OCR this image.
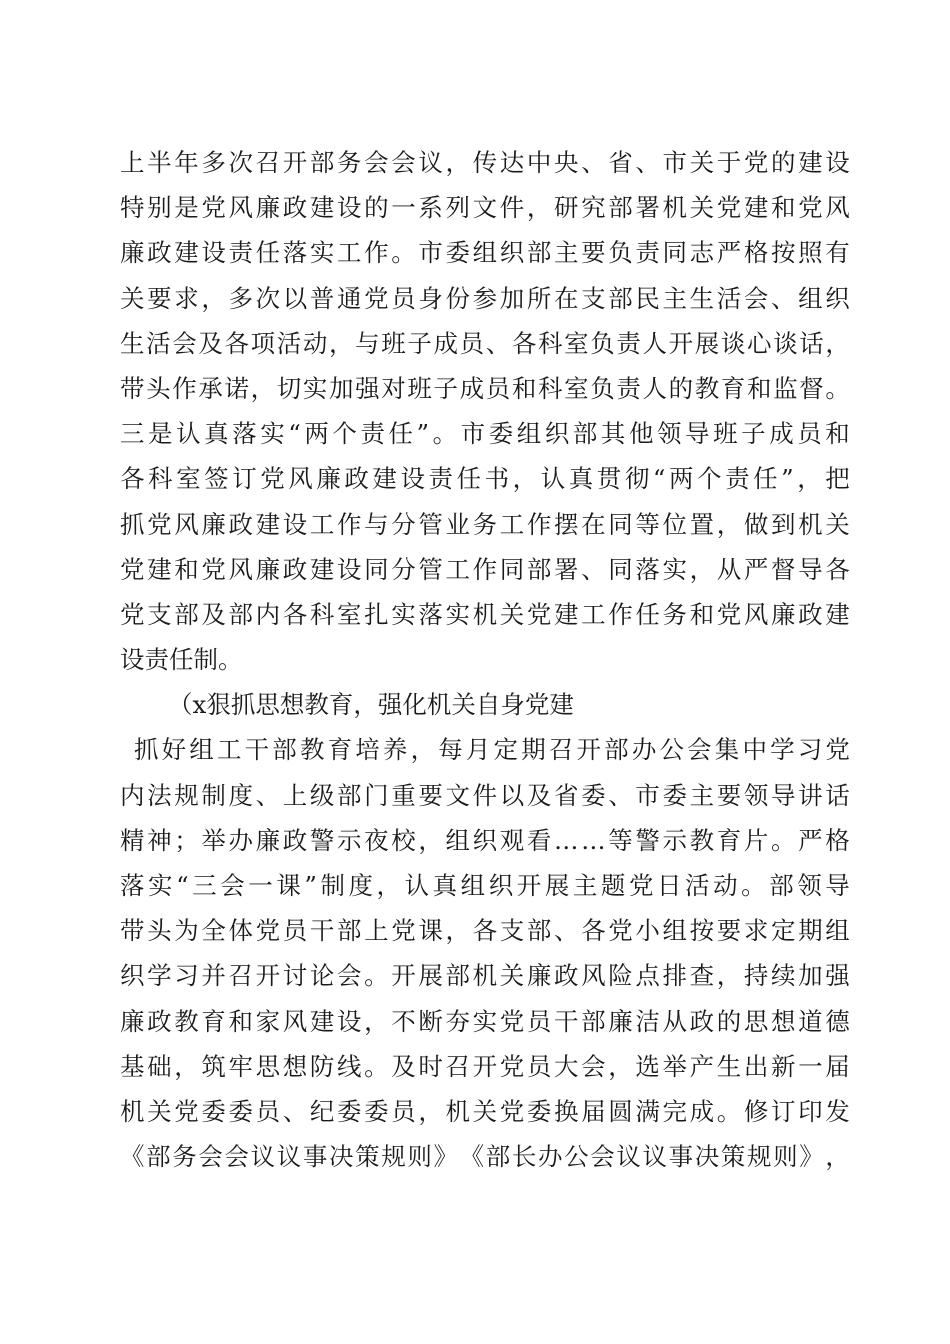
上 半 年 多 次 召 开 部 务 会 会 议 ， 传 达 中 央 、 省 、 市 关 于 党 的 建 设
特 别 是 党 风 廉 政 建 设 的 一 系 列 文 件 ， 研 究 部 署 机 关 党 建 和 党 风
廉 政 建 设 责 任 落 实 工 作 。 市 委 组 织 部 主 要 负 责 同 志 严 格 按 照 有
关 要 求 ， 多 次 以 普 通 党 员 身 份 参 加 所 在 支 部 民 主 生 活 会 、 组 织
生 活 会 及 各 项 活 动 ， 与 班 子 成 员 、 各 科 室 负 责 人 开 展 谈 心 谈 话 ，
带 头 作 承 诺 ， 切 实 加 强 对 班 子 成 员 和 科 室 负 责 人 的 教 育 和 监 督 。
三 是 认 真 落 实 “ 两 个 责 任 ” 。 市 委 组 织 部 其 他 领 导 班 子 成 员 和
各 科 室 签 订 党 风 廉 政 建 设 责 任 书 ， 认 真 贯 彻 “ 两 个 责 任 ” ， 把
抓 党 风 廉 政 建 设 工 作 与 分 管 业 务 工 作 摆 在 同 等 位 置 ， 做 到 机 关
党 建 和 党 风 廉 政 建 设 同 分 管 工 作 同 部 署 、 同 落 实 ， 从 严 督 导 各
党 支 部 及 部 内 各 科 室 扎 实 落 实 机 关 党 建 工 作 任 务 和 党 风 廉 政 建
设责任制。
（x狠抓思想教育，强化机关自身党建
抓 好 组 工 干 部 教 育 培 养 ， 每 月 定 期 召 开 部 办 公 会 集 中 学 习 党
内 法 规 制 度 、 上 级 部 门 重 要 文 件 以 及 省 委 、 市 委 主 要 领 导 讲 话
精 神 ； 举 办 廉 政 警 示 夜 校 ， 组 织 观 看 … … 等 警 示 教 育 片 。 严 格
落 实 “ 三 会 一 课 ” 制 度 ， 认 真 组 织 开 展 主 题 党 日 活 动 。 部 领 导
带 头 为 全 体 党 员 干 部 上 党 课 ， 各 支 部 、 各 党 小 组 按 要 求 定 期 组
织 学 习 并 召 开 讨 论 会 。 开 展 部 机 关 廉 政 风 险 点 排 查 ， 持 续 加 强
廉 政 教 育 和 家 风 建 设 ， 不 断 夯 实 党 员 干 部 廉 洁 从 政 的 思 想 道 德
基 础 ， 筑 牢 思 想 防 线 。 及 时 召 开 党 员 大 会 ， 选 举 产 生 出 新 一 届
机 关 党 委 委 员 、 纪 委 委 员 ， 机 关 党 委 换 届 圆 满 完 成 。 修 订 印 发
《 部 务 会 会 议 议 事 决 策 规 则 》 《 部 长 办 公 会 议 议 事 决 策 规 则 》 ，
